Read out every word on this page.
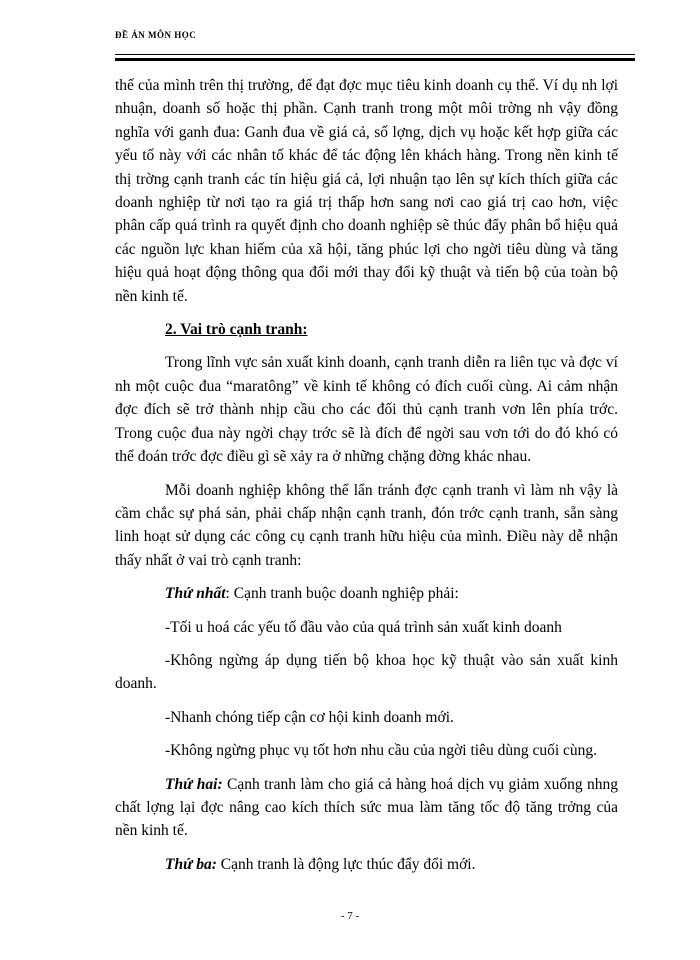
ĐỀ ÁN MÔN HỌC

thế của mình trên thị trường, để đạt đợc mục tiêu kinh doanh cụ thể. Ví dụ nh lợi nhuận, doanh số hoặc thị phần. Cạnh tranh trong một môi trờng nh vậy đồng nghĩa với ganh đua: Ganh đua về giá cả, số lợng, dịch vụ hoặc kết hợp giữa các yếu tố này với các nhân tố khác để tác động lên khách hàng. Trong nền kinh tế thị trờng cạnh tranh các tín hiệu giá cả, lợi nhuận tạo lên sự kích thích giữa các doanh nghiệp từ nơi tạo ra giá trị thấp hơn sang nơi cao giá trị cao hơn, việc phân cấp quá trình ra quyết định cho doanh nghiệp sẽ thúc đẩy phân bổ hiệu quả các nguồn lực khan hiếm của xã hội, tăng phúc lợi cho ngời tiêu dùng và tăng hiệu quả hoạt động thông qua đổi mới thay đổi kỹ thuật và tiến bộ của toàn bộ nền kinh tế.

2. Vai trò cạnh tranh:

Trong lĩnh vực sản xuất kinh doanh, cạnh tranh diễn ra liên tục và đợc ví nh một cuộc đua “maratông” về kinh tế không có đích cuối cùng. Ai cảm nhận đợc đích sẽ trở thành nhịp cầu cho các đối thủ cạnh tranh vơn lên phía trớc. Trong cuộc đua này ngời chạy trớc sẽ là đích để ngời sau vơn tới do đó khó có thể đoán trớc đợc điều gì sẽ xảy ra ở những chặng đờng khác nhau.

Mỗi doanh nghiệp không thể lẩn tránh đợc cạnh tranh vì làm nh vậy là cầm chắc sự phá sản, phải chấp nhận cạnh tranh, đón trớc cạnh tranh, sẵn sàng linh hoạt sử dụng các công cụ cạnh tranh hữu hiệu của mình. Điều này dễ nhận thấy nhất ở vai trò cạnh tranh:

Thứ nhất: Cạnh tranh buộc doanh nghiệp phải:

-Tối u hoá các yếu tố đầu vào của quá trình sản xuất kinh doanh

-Không ngừng áp dụng tiến bộ khoa học kỹ thuật vào sản xuất kinh doanh.

-Nhanh chóng tiếp cận cơ hội kinh doanh mới.

-Không ngừng phục vụ tốt hơn nhu cầu của ngời tiêu dùng cuối cùng.

Thứ hai: Cạnh tranh làm cho giá cả hàng hoá dịch vụ giảm xuống nhng chất lợng lại đợc nâng cao kích thích sức mua làm tăng tốc độ tăng trởng của nền kinh tế.

Thứ ba: Cạnh tranh là động lực thúc đẩy đổi mới.

- 7 -
